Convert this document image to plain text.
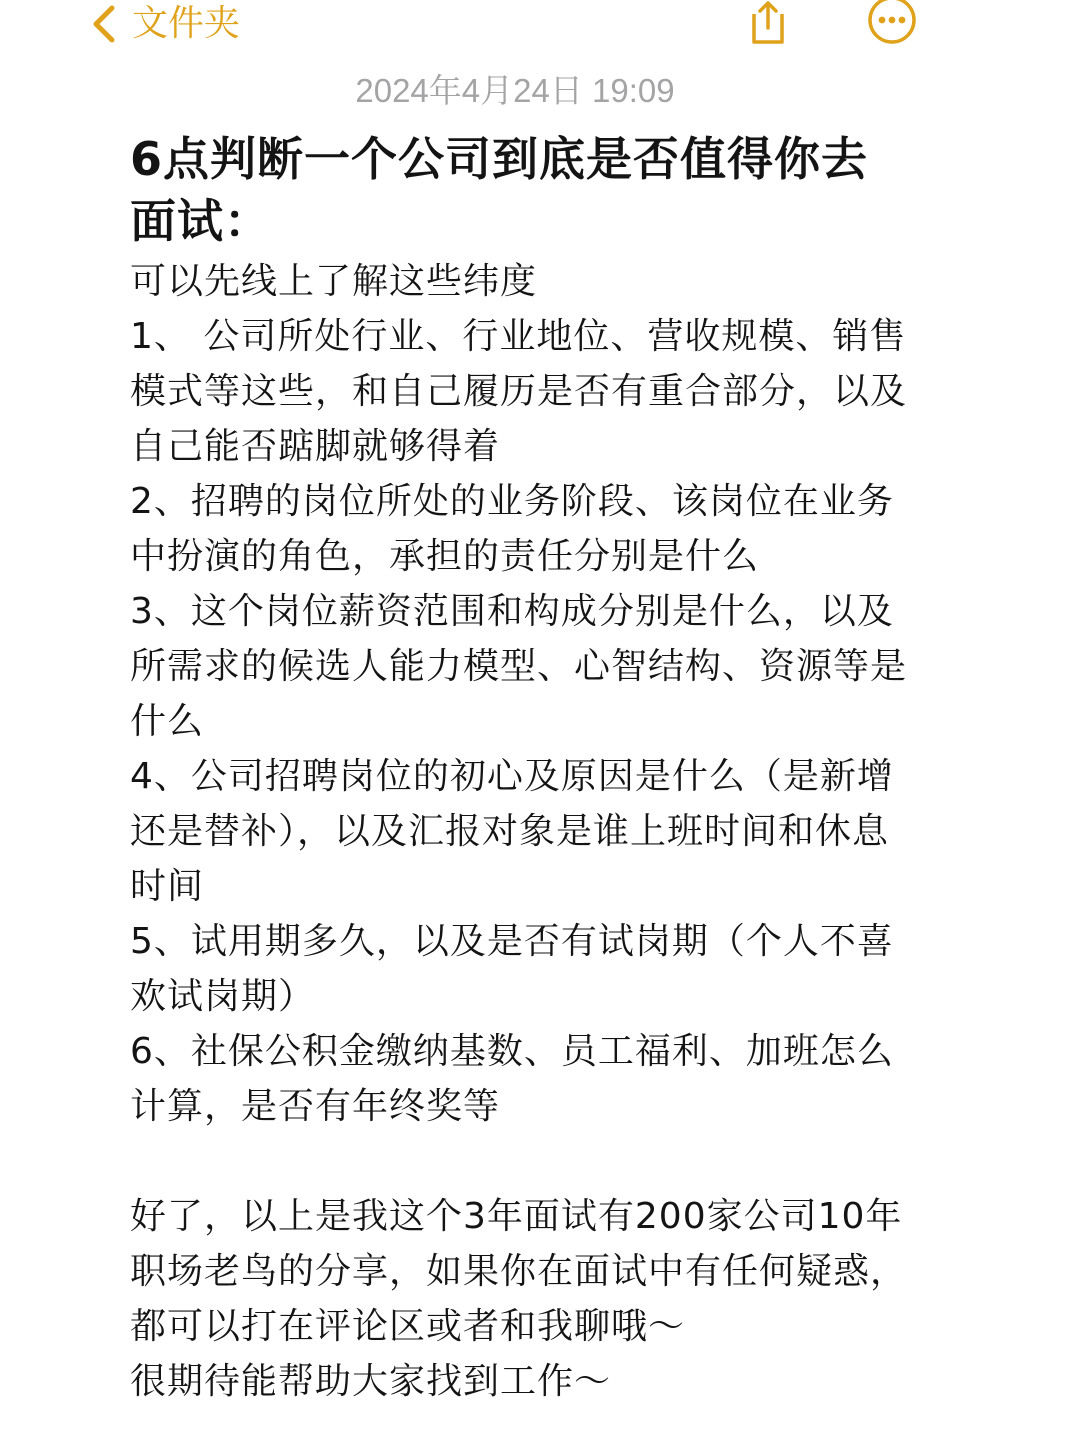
文件夹
2024年4月24日 19:09

6点判断一个公司到底是否值得你去面试：

可以先线上了解这些纬度

1、 公司所处行业、行业地位、营收规模、销售模式等这些，和自己履历是否有重合部分，以及自己能否踮脚就够得着

2、招聘的岗位所处的业务阶段、该岗位在业务中扮演的角色，承担的责任分别是什么

3、这个岗位薪资范围和构成分别是什么，以及所需求的候选人能力模型、心智结构、资源等是什么

4、公司招聘岗位的初心及原因是什么（是新增还是替补），以及汇报对象是谁上班时间和休息时间

5、试用期多久，以及是否有试岗期（个人不喜欢试岗期）

6、社保公积金缴纳基数、员工福利、加班怎么计算，是否有年终奖等

好了，以上是我这个3年面试有200家公司10年职场老鸟的分享，如果你在面试中有任何疑惑，都可以打在评论区或者和我聊哦～

很期待能帮助大家找到工作～
